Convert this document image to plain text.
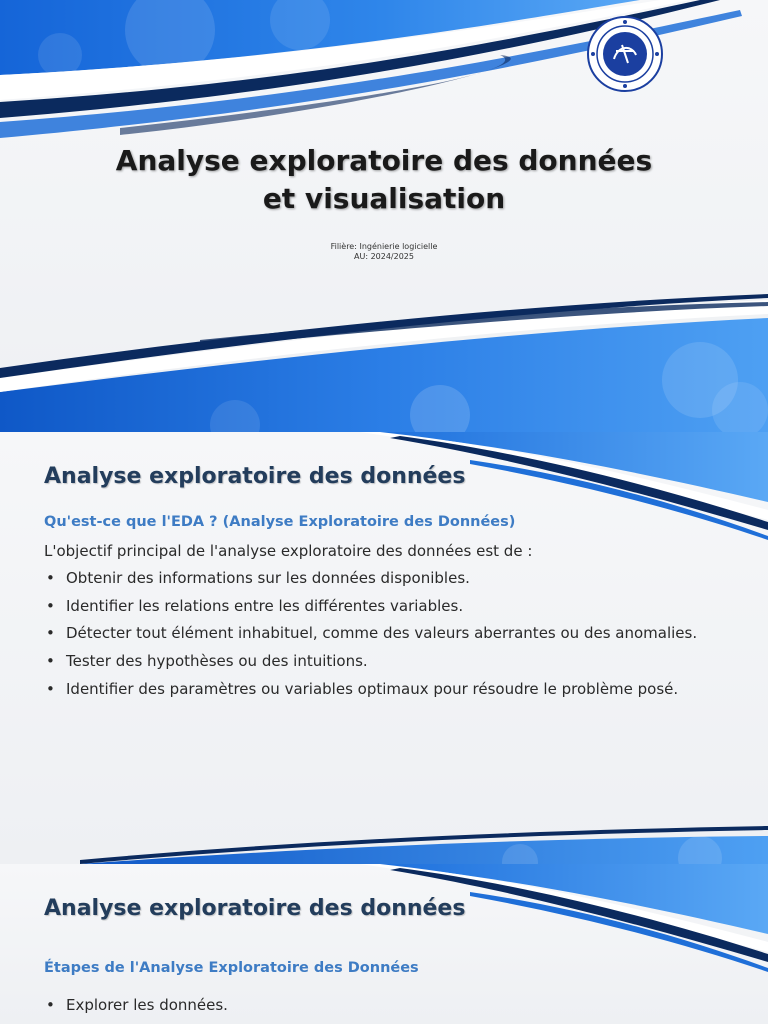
Analyse exploratoire des données
et visualisation
Filière: Ingénierie logicielle
AU: 2024/2025
Analyse exploratoire des données
Qu'est-ce que l'EDA ? (Analyse Exploratoire des Données)
L'objectif principal de l'analyse exploratoire des données est de :
• Obtenir des informations sur les données disponibles.
• Identifier les relations entre les différentes variables.
• Détecter tout élément inhabituel, comme des valeurs aberrantes ou des anomalies.
• Tester des hypothèses ou des intuitions.
• Identifier des paramètres ou variables optimaux pour résoudre le problème posé.
Analyse exploratoire des données
Étapes de l'Analyse Exploratoire des Données
• Explorer les données.
